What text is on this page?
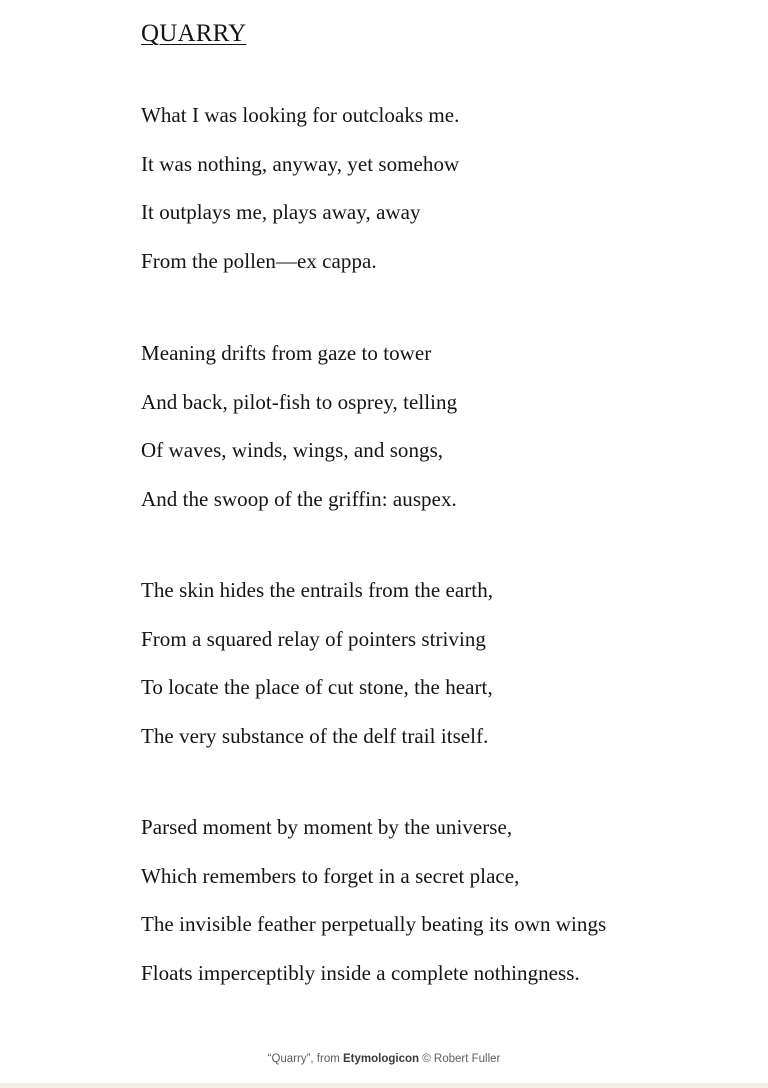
QUARRY
What I was looking for outcloaks me.
It was nothing, anyway, yet somehow
It outplays me, plays away, away
From the pollen—ex cappa.
Meaning drifts from gaze to tower
And back, pilot-fish to osprey, telling
Of waves, winds, wings, and songs,
And the swoop of the griffin: auspex.
The skin hides the entrails from the earth,
From a squared relay of pointers striving
To locate the place of cut stone, the heart,
The very substance of the delf trail itself.
Parsed moment by moment by the universe,
Which remembers to forget in a secret place,
The invisible feather perpetually beating its own wings
Floats imperceptibly inside a complete nothingness.
“Quarry”, from Etymologicon © Robert Fuller
